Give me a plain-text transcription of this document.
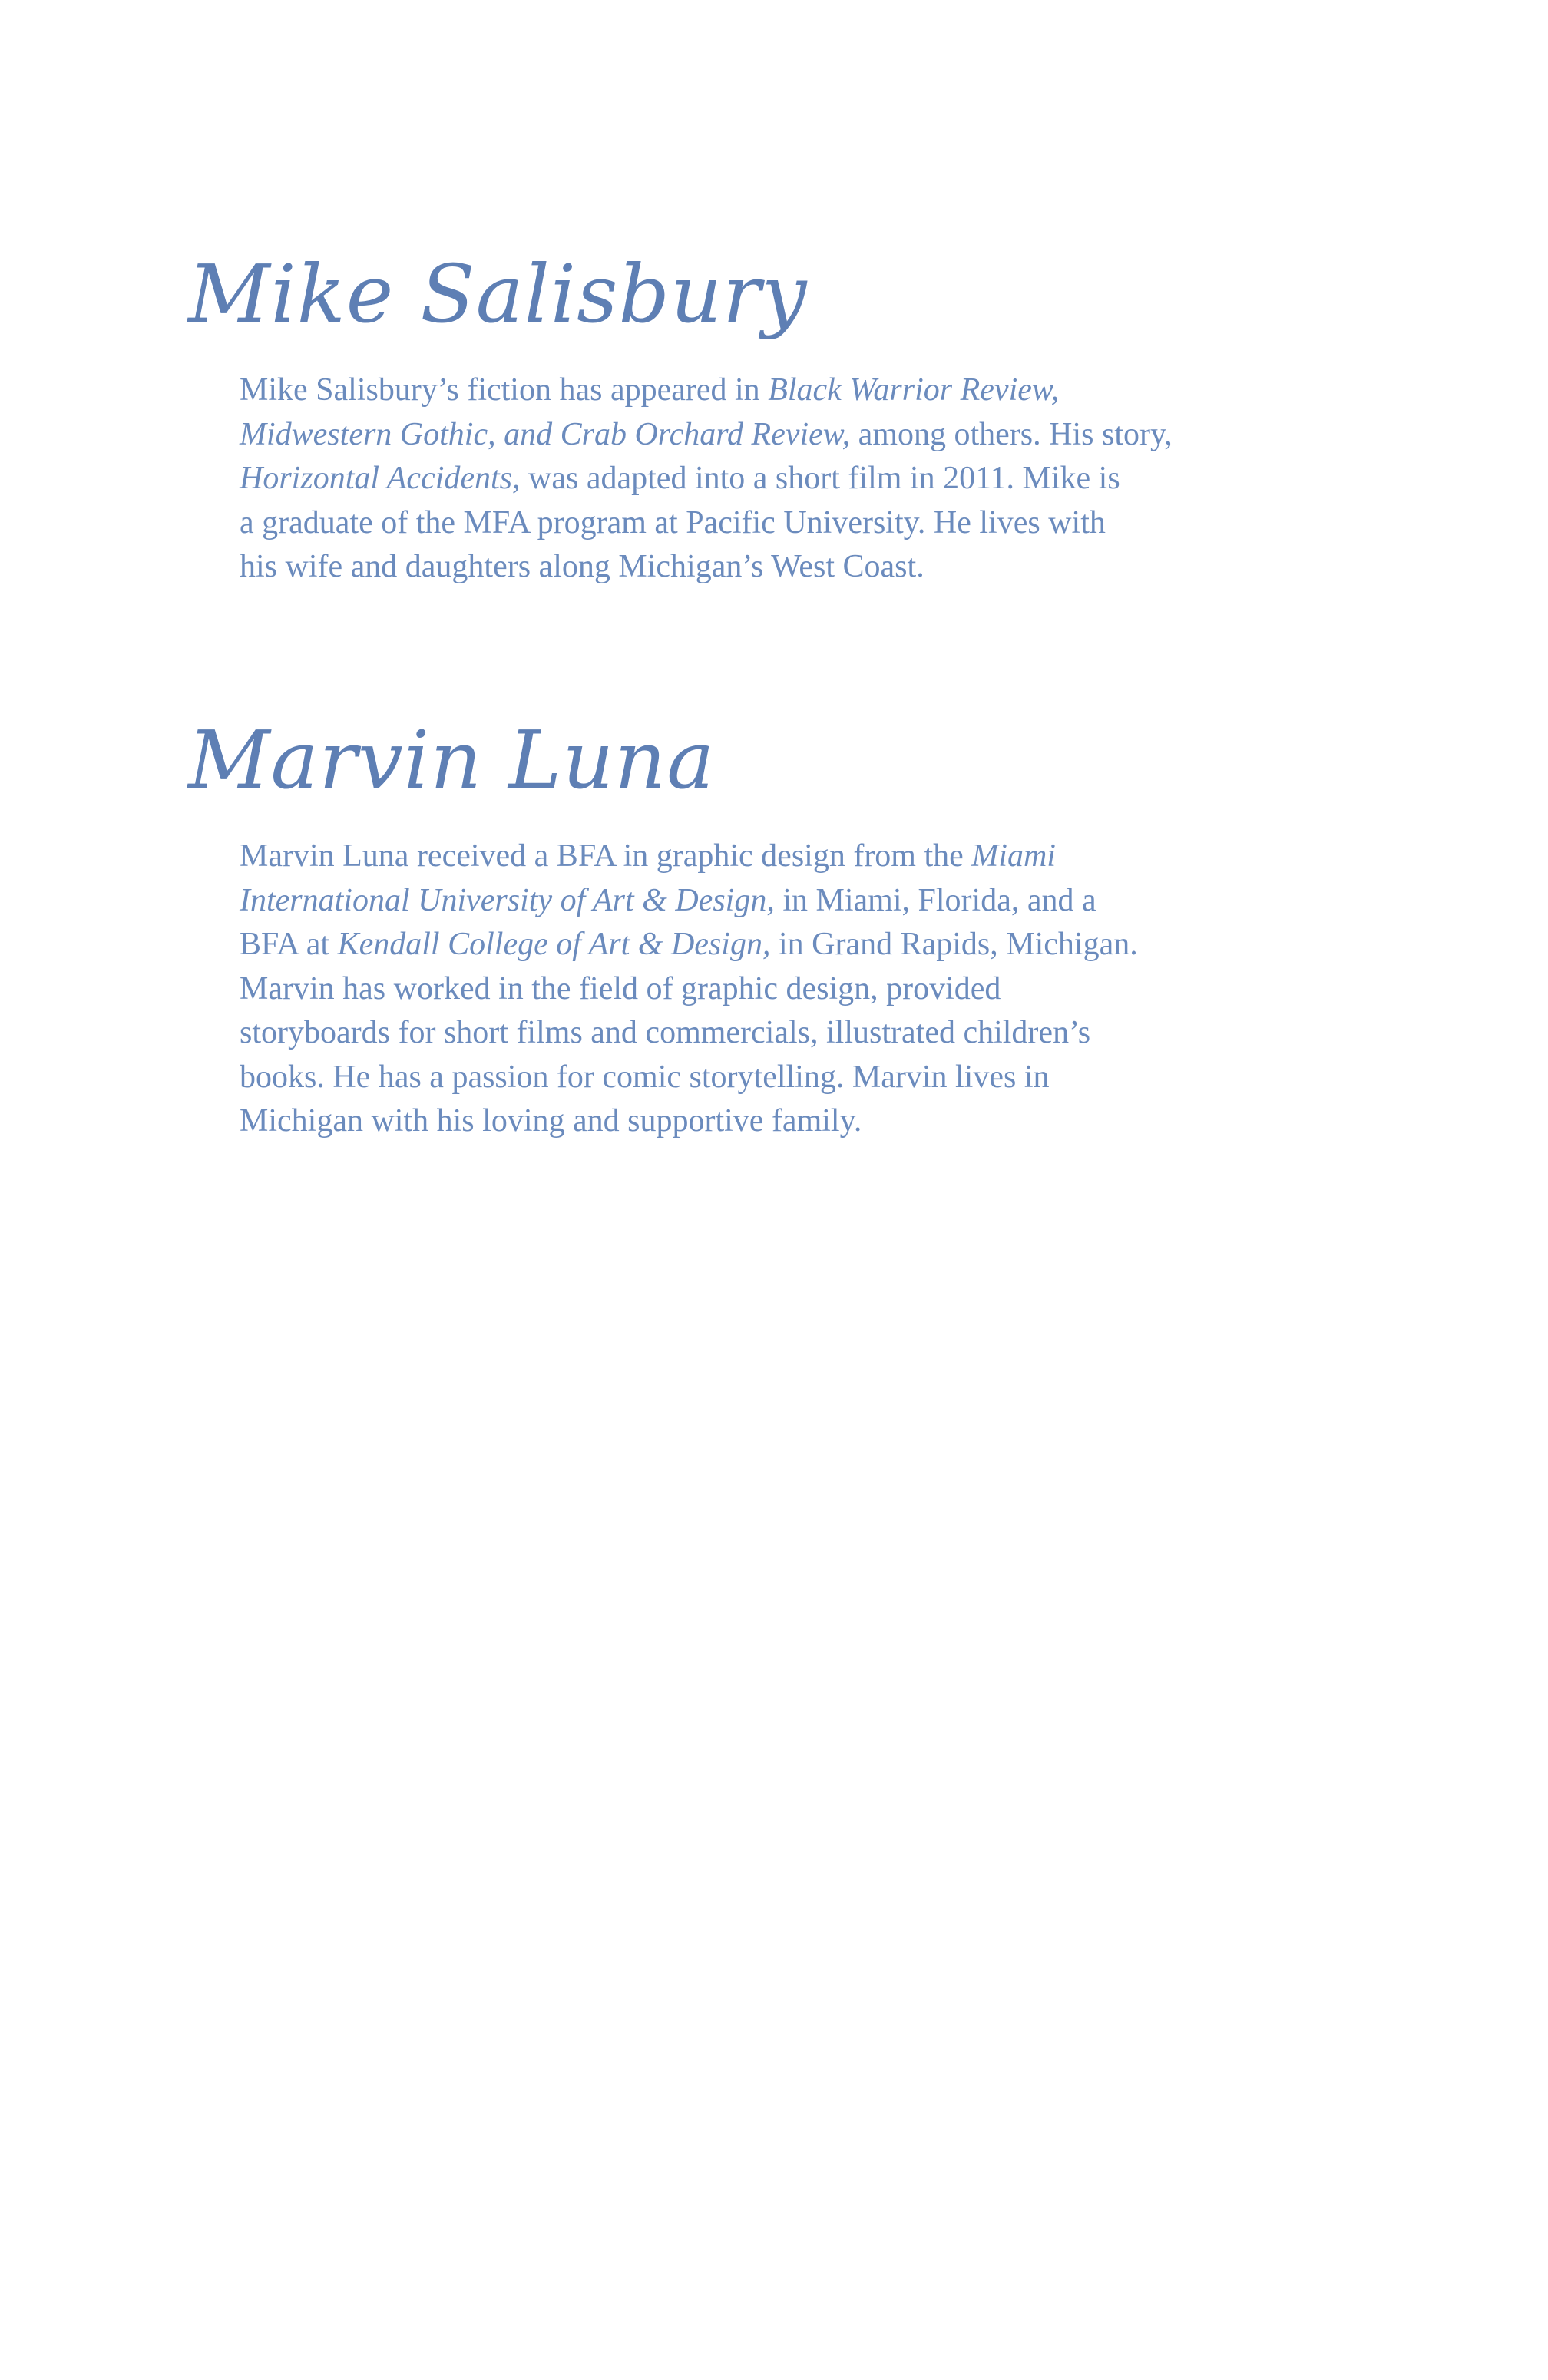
Mike Salisbury

Mike Salisbury’s fiction has appeared in Black Warrior Review,
Midwestern Gothic, and Crab Orchard Review, among others. His story,
Horizontal Accidents, was adapted into a short film in 2011. Mike is
a graduate of the MFA program at Pacific University. He lives with
his wife and daughters along Michigan’s West Coast.

Marvin Luna

Marvin Luna received a BFA in graphic design from the Miami
International University of Art & Design, in Miami, Florida, and a
BFA at Kendall College of Art & Design, in Grand Rapids, Michigan.
Marvin has worked in the field of graphic design, provided
storyboards for short films and commercials, illustrated children’s
books. He has a passion for comic storytelling. Marvin lives in
Michigan with his loving and supportive family.
